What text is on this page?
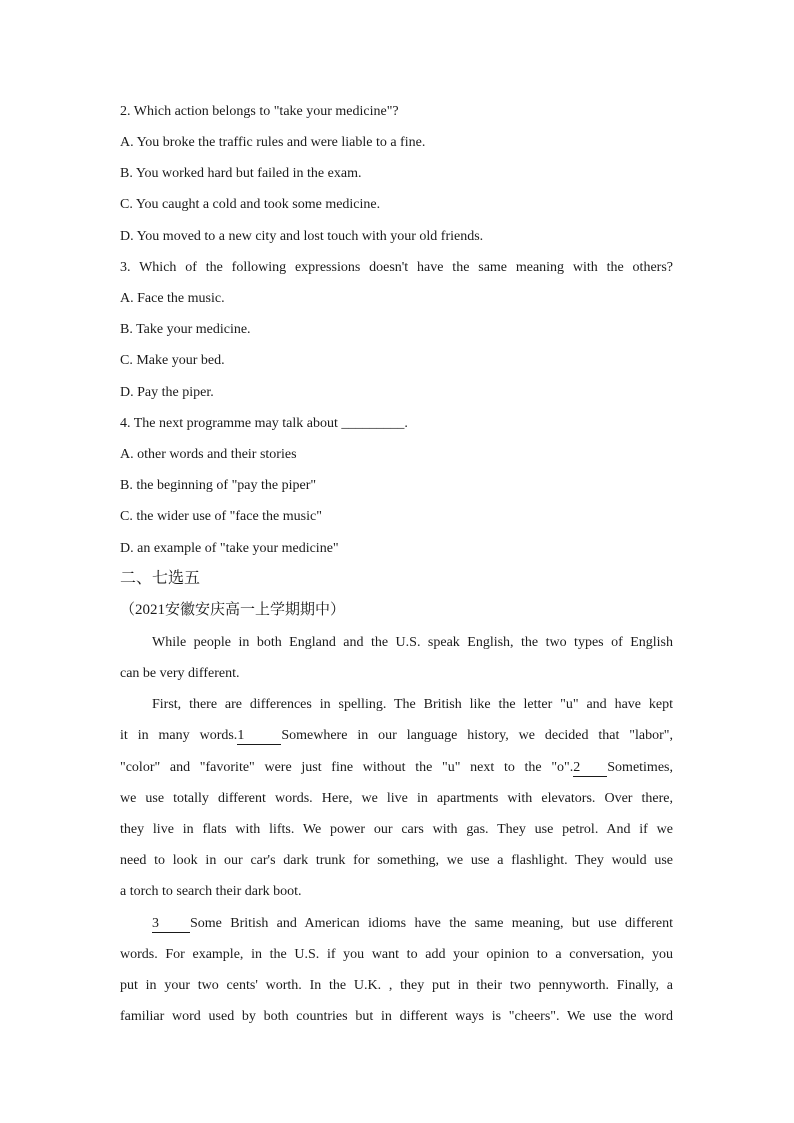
2. Which action belongs to "take your medicine"?
A. You broke the traffic rules and were liable to a fine.
B. You worked hard but failed in the exam.
C. You caught a cold and took some medicine.
D. You moved to a new city and lost touch with your old friends.
3. Which of the following expressions doesn't have the same meaning with the others?
A. Face the music.
B. Take your medicine.
C. Make your bed.
D. Pay the piper.
4. The next programme may talk about _________.
A. other words and their stories
B. the beginning of "pay the piper"
C. the wider use of "face the music"
D. an example of "take your medicine"
二、七选五
（2021安徽安庆高一上学期期中）
While people in both England and the U.S. speak English, the two types of English
can be very different.
First, there are differences in spelling. The British like the letter "u" and have kept
it in many words.1	Somewhere in our language history, we decided that "labor",
"color" and "favorite" were just fine without the "u" next to the "o".2 Sometimes,
we use totally different words. Here, we live in apartments with elevators. Over there,
they live in flats with lifts. We power our cars with gas. They use petrol. And if we
need to look in our car's dark trunk for something, we use a flashlight. They would use
a torch to search their dark boot.
3 Some British and American idioms have the same meaning, but use different
words. For example, in the U.S. if you want to add your opinion to a conversation, you
put in your two cents' worth. In the U.K. , they put in their two pennyworth. Finally, a
familiar word used by both countries but in different ways is "cheers". We use the word
